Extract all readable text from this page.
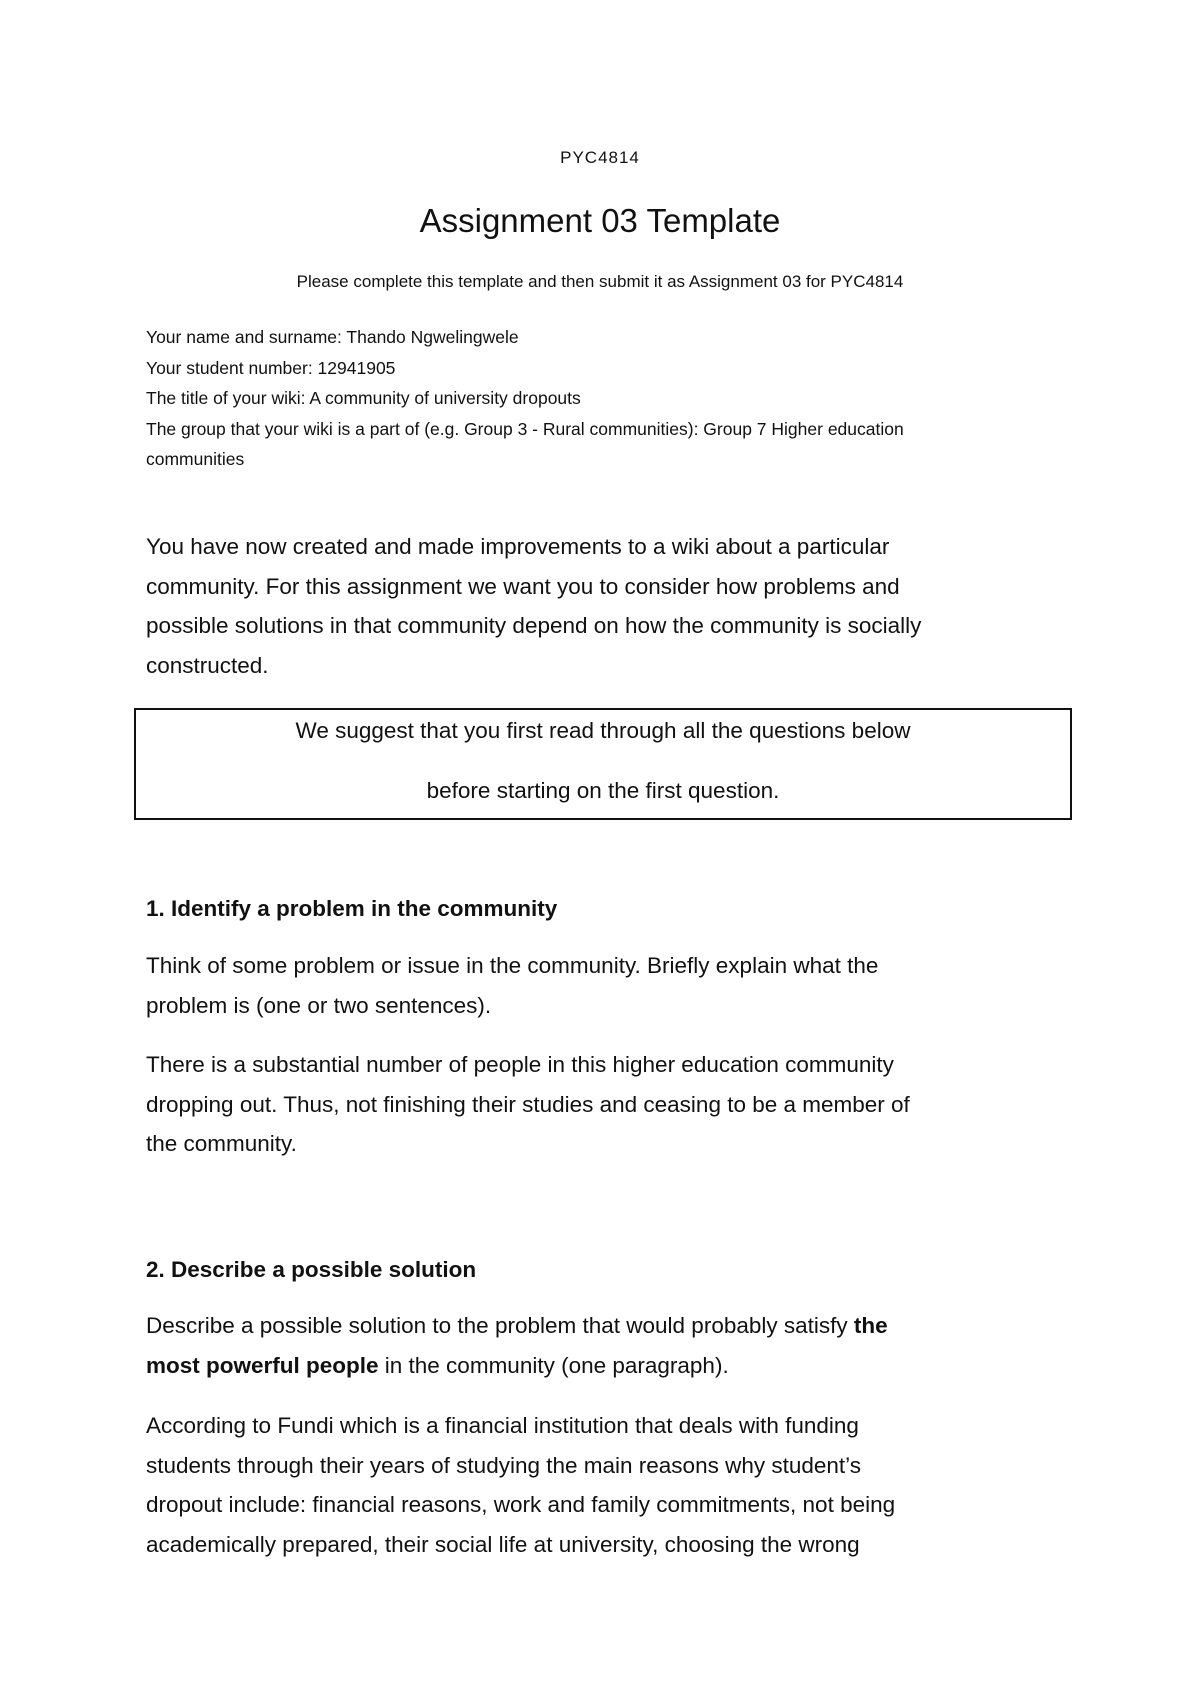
PYC4814
Assignment 03 Template
Please complete this template and then submit it as Assignment 03 for PYC4814
Your name and surname: Thando Ngwelingwele
Your student number: 12941905
The title of your wiki: A community of university dropouts
The group that your wiki is a part of (e.g. Group 3 - Rural communities): Group 7 Higher education
communities
You have now created and made improvements to a wiki about a particular
community. For this assignment we want you to consider how problems and
possible solutions in that community depend on how the community is socially
constructed.
We suggest that you first read through all the questions below
before starting on the first question.
1. Identify a problem in the community
Think of some problem or issue in the community. Briefly explain what the
problem is (one or two sentences).
There is a substantial number of people in this higher education community
dropping out. Thus, not finishing their studies and ceasing to be a member of
the community.
2. Describe a possible solution
Describe a possible solution to the problem that would probably satisfy the
most powerful people in the community (one paragraph).
According to Fundi which is a financial institution that deals with funding
students through their years of studying the main reasons why student’s
dropout include: financial reasons, work and family commitments, not being
academically prepared, their social life at university, choosing the wrong
